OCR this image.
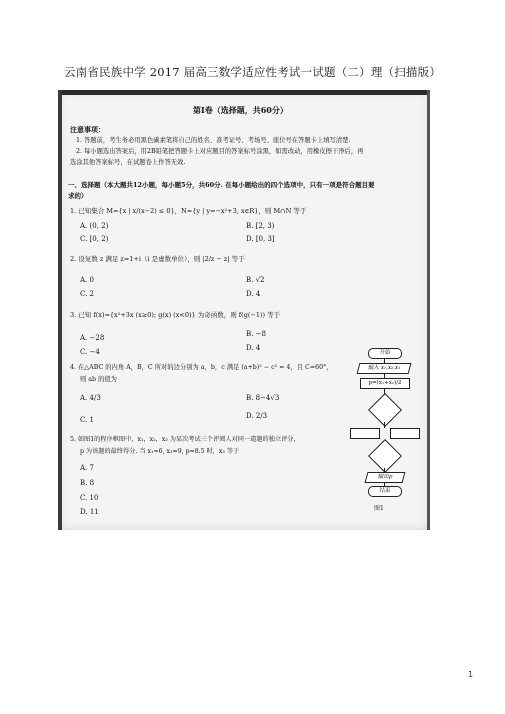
云南省民族中学 2017 届高三数学适应性考试一试题（二）理（扫描版）
第Ⅰ卷（选择题，共60分）
注意事项：
1. 答题前，考生务必用黑色碳素笔将自己的姓名、准考证号、考场号、座位号在答题卡上填写清楚.
2. 每小题选出答案后，用2B铅笔把答题卡上对应题目的答案标号涂黑，如需改动，用橡皮擦干净后，再
选涂其他答案标号，在试题卷上作答无效.
一、选择题（本大题共12小题，每小题5分，共60分. 在每小题给出的四个选项中，只有一项是符合题目要
求的）
1. 已知集合 M={x | x/(x−2) ≤ 0}，N={y | y=−x²+3, x∈R}，则 M∩N 等于
A. (0, 2)	B. [2, 3)
C. [0, 2)	D. [0, 3]
2. 设复数 z 满足 z=1+i（i 是虚数单位），则 |2/z − z| 等于
A. 0	B. √2
C. 2	D. 4
3. 已知 f(x)={x²+3x (x≥0); g(x) (x<0)} 为奇函数，则 f(g(−1)) 等于
A. −28	B. −8
C. −4	D. 4
4. 在△ABC 的内角 A，B，C 所对的边分别为 a，b，c 满足 (a+b)² − c² = 4，且 C=60°，
则 ab 的值为
A. 4/3	B. 8−4√3
C. 1	D. 2/3
5. 如图1的程序框图中，x₁，x₂，x₃ 为某次考试三个评阅人对同一道题的独立评分，
p 为该题的最终得分. 当 x₁=6, x₂=9, p=8.5 时，x₃ 等于
A. 7
B. 8
C. 10
D. 11
开始
输入 x₁,x₂,x₃
p=(x₁+x₂)/2
输出p
结束
图1
1
